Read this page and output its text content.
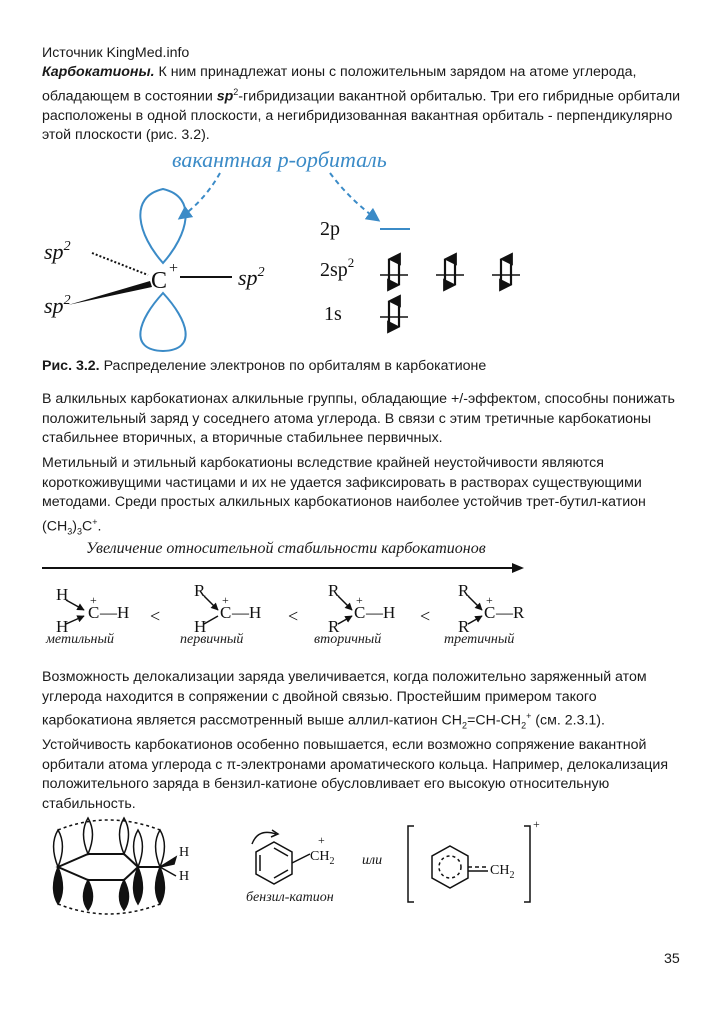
Источник KingMed.info
Карбокатионы. К ним принадлежат ионы с положительным зарядом на атоме углерода, обладающем в состоянии $sp^2$-гибридизации вакантной орбиталью. Три его гибридные орбитали расположены в одной плоскости, а негибридизованная вакантная орбиталь - перпендикулярно этой плоскости (рис. 3.2).
вакантная p-орбиталь
C +
$sp^2$
$sp^2$
$sp^2$
2p
$2sp^2$
1s
Рис. 3.2. Распределение электронов по орбиталям в карбокатионе
В алкильных карбокатионах алкильные группы, обладающие +/-эффектом, способны понижать положительный заряд у соседнего атома углерода. В связи с этим третичные карбокатионы стабильнее вторичных, а вторичные стабильнее первичных.
Метильный и этильный карбокатионы вследствие крайней неустойчивости являются короткоживущими частицами и их не удается зафиксировать в растворах существующими методами. Среди простых алкильных карбокатионов наиболее устойчив трет-бутил-катион $(CH_3)_3C^+$.
Увеличение относительной стабильности карбокатионов
H
H
C —H
+
<
R
H
C —H
+
<
R
R
C —H
+
<
R
R
C —R
+
метильный	первичный	вторичный	третичный
Возможность делокализации заряда увеличивается, когда положительно заряженный атом углерода находится в сопряжении с двойной связью. Простейшим примером такого карбокатиона является рассмотренный выше аллил-катион $CH_2=CH-CH_2^+$ (см. 2.3.1). Устойчивость карбокатионов особенно повышается, если возможно сопряжение вакантной орбитали атома углерода с π-электронами ароматического кольца. Например, делокализация положительного заряда в бензил-катионе обусловливает его высокую относительную стабильность.
H
H
$CH_2$
+
или
$CH_2$
+
бензил-катион
35
